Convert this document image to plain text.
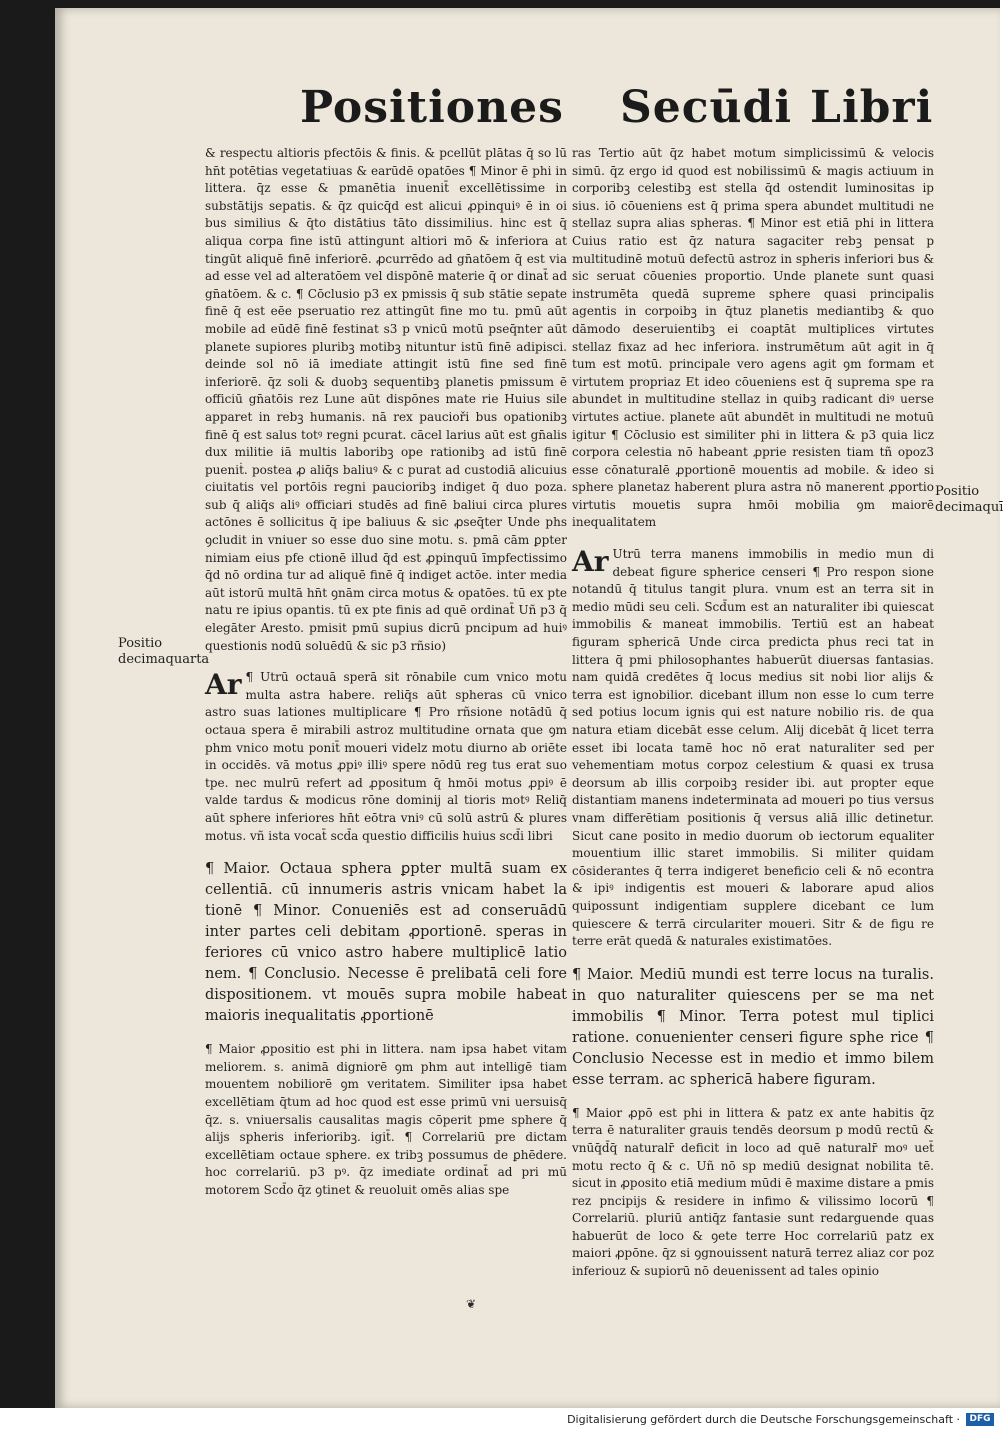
Positiones Secūdi Libri
Positio
decimaquarta
Positio
decimaquī

& respectu altioris pfectōis & finis. & pcellūt plātas q̄ so lū hn̄t potētias vegetatiuas & earūdē opatōes ¶ Minor ē phi in littera. q̄z esse & pmanētia inuenit̄ excellētissime in substātijs sepatis. & q̄z quicq̄d est alicui ꝓpinquiꝰ ē in oi bus similius & q̄to distātius tāto dissimilius. hinc est q̄ aliqua corpa fine istū attingunt altiori mō & inferiora at tingūt aliquē finē inferiorē. ꝓcurrēdo ad gn̄atōem q̄ est via ad esse vel ad alteratōem vel dispōnē materie q̄ or dinat̄ ad gn̄atōem. & c. ¶ Cōclusio p3 ex pmissis q̄ sub stātie sepate finē q̄ est eēe pseruatio rez attingūt fine mo tu. pmū aūt mobile ad eūdē finē festinat s3 p vnicū motū pseq̄nter aūt planete supiores pluribꝫ motibꝫ nituntur istū finē adipisci. deinde sol nō iā imediate attingit istū fine sed finē inferiorē. q̄z soli & duobꝫ sequentibꝫ planetis pmissum ē officiū gn̄atōis rez Lune aūt dispōnes mate rie Huius sile apparet in rebꝫ humanis. nā rex paucioři bus opationibꝫ finē q̄ est salus totꝰ regni pcurat. cācel larius aūt est gn̄alis dux militie iā multis laboribꝫ ope rationibꝫ ad istū finē pueniṫ. postea ꝓ aliq̄s baliuꝰ & c purat ad custodiā alicuius ciuitatis vel portōis regni paucioribꝫ indiget q̄ duo poza. sub q̄ aliq̄s aliꝰ officiari studēs ad finē baliui circa plures actōnes ē sollicitus q̄ ipe baliuus & sic ꝓseq̄ter Unde phs ꝯcludit in vniuer so esse duo sine motu. s. pmā cām ꝑpter nimiam eius pfe ctionē illud q̄d est ꝓpinquū īmpfectissimo q̄d nō ordina tur ad aliquē finē q̄ indiget actōe. inter media aūt istorū multā hn̄t ꝯnām circa motus & opatōes. tū ex pte natu re ipius opantis. tū ex pte finis ad quē ordinat̄ Uñ p3 q̄ elegāter Aresto. pmisit pmū supius dicrū pncipum ad huiꝰ questionis nodū soluēdū & sic p3 rñsio)

Ar ¶ Utrū octauā sperā sit rōnabile cum vnico motu multa astra habere. reliq̄s aūt spheras cū vnico astro suas lationes multiplicare ¶ Pro rñsione notādū q̄ octaua spera ē mirabili astroz multitudine ornata que ꝯm phm vnico motu ponit̄ moueri videlz motu diurno ab oriēte in occidēs. vā motus ꝓpiꝰ illiꝰ spere nōdū reg tus erat suo tpe. nec mulrū refert ad ꝓpositum q̄ hmōi motus ꝓpiꝰ ē valde tardus & modicus rōne dominij al tioris motꝰ Reliq̄ aūt sphere inferiores hn̄t eōtra vniꝰ cū solū astrū & plures motus. vñ ista vocat̄ scd̄a questio difficilis huius scd̄i libri

¶ Maior. Octaua sphera ꝑpter multā suam ex cellentiā. cū innumeris astris vnicam habet la tionē ¶ Minor. Conueniēs est ad conseruādū inter partes celi debitam ꝓportionē. speras in feriores cū vnico astro habere multiplicē latio nem. ¶ Conclusio. Necesse ē prelibatā celi fore dispositionem. vt mouēs supra mobile habeat maioris inequalitatis ꝓportionē

¶ Maior ꝓpositio est phi in littera. nam ipsa habet vitam meliorem. s. animā digniorē ꝯm phm aut intelligē tiam mouentem nobiliorē ꝯm veritatem. Similiter ipsa habet excellētiam q̄tum ad hoc quod est esse primū vni uersuisq̄ q̄z. s. vniuersalis causalitas magis cōperit pme sphere q̄ alijs spheris inferioribꝫ. igit̄. ¶ Correlariū pre dictam excellētiam octaue sphere. ex tribꝫ possumus de ꝑhēdere. hoc correlariū. p3 pꝰ. q̄z imediate ordinat̄ ad pri mū motorem Scd̄o q̄z ꝯtinet & reuoluit omēs alias spe

ras Tertio aūt q̄z habet motum simplicissimū & velocis simū. q̄z ergo id quod est nobilissimū & magis actiuum in corporibꝫ celestibꝫ est stella q̄d ostendit luminositas ip sius. iō cōueniens est q̄ prima spera abundet multitudi ne stellaz supra alias spheras. ¶ Minor est etiā phi in littera Cuius ratio est q̄z natura sagaciter rebꝫ pensat p multitudinē motuū defectū astroz in spheris inferiori bus & sic seruat cōuenies proportio. Unde planete sunt quasi instrumēta quedā supreme sphere quasi principalis agentis in corpoibꝫ in q̄tuz planetis mediantibꝫ & quo dāmodo deseruientibꝫ ei coaptāt multiplices virtutes stellaz fixaz ad hec inferiora. instrumētum aūt agit in q̄ tum est motū. principale vero agens agit ꝯm formam et virtutem propriaz Et ideo cōueniens est q̄ suprema spe ra abundet in multitudine stellaz in quibꝫ radicant diꝰ uerse virtutes actiue. planete aūt abundēt in multitudi ne motuū igitur ¶ Cōclusio est similiter phi in littera & p3 quia licz corpora celestia nō habeant ꝓprie resisten tiam tñ opoz3 esse cōnaturalē ꝓportionē mouentis ad mobile. & ideo si sphere planetaz haberent plura astra nō manerent ꝓportio virtutis mouetis supra hmōi mobilia ꝯm maiorē inequalitatem

Ar Utrū terra manens immobilis in medio mun di debeat figure spherice censeri ¶ Pro respon sione notandū q̄ titulus tangit plura. vnum est an terra sit in medio mūdi seu celi. Scd̄um est an naturaliter ibi quiescat immobilis & maneat immobilis. Tertiū est an habeat figuram sphericā Unde circa predicta phus reci tat in littera q̄ pmi philosophantes habuerūt diuersas fantasias. nam quidā credētes q̄ locus medius sit nobi lior alijs & terra est ignobilior. dicebant illum non esse lo cum terre sed potius locum ignis qui est nature nobilio ris. de qua natura etiam dicebāt esse celum. Alij dicebāt q̄ licet terra esset ibi locata tamē hoc nō erat naturaliter sed per vehementiam motus corpoz celestium & quasi ex trusa deorsum ab illis corpoibꝫ resider ibi. aut propter eque distantiam manens indeterminata ad moueri po tius versus vnam differētiam positionis q̄ versus aliā illic detinetur. Sicut cane posito in medio duorum ob iectorum equaliter mouentium illic staret immobilis. Si militer quidam cōsiderantes q̄ terra indigeret beneficio celi & nō econtra & ipiꝰ indigentis est moueri & laborare apud alios quipossunt indigentiam supplere dicebant ce lum quiescere & terrā circulariter moueri. Sitr & de figu re terre erāt quedā & naturales existimatōes.

¶ Maior. Mediū mundi est terre locus na turalis. in quo naturaliter quiescens per se ma net immobilis ¶ Minor. Terra potest mul tiplici ratione. conuenienter censeri figure sphe rice ¶ Conclusio Necesse est in medio et immo bilem esse terram. ac sphericā habere figuram.

¶ Maior ꝓpō est phi in littera & patz ex ante habitis q̄z terra ē naturaliter grauis tendēs deorsum p modū rectū & vnūq̄d̄q̄ naturalr̄ deficit in loco ad quē naturalr̄ moꝰ uet̄ motu recto q̄ & c. Uñ nō sp mediū designat nobilita tē. sicut in ꝓposito etiā medium mūdi ē maxime distare a pmis rez pncipijs & residere in infimo & vilissimo locorū ¶ Correlariū. pluriū antiq̄z fantasie sunt redarguende quas habuerūt de loco & ꝯete terre Hoc correlariū patz ex maiori ꝓpōne. q̄z si ꝯgnouissent naturā terrez aliaz cor poz inferiouz & supiorū nō deuenissent ad tales opinio

❦
Digitalisierung gefördert durch die Deutsche Forschungsgemeinschaft ·	DFG
